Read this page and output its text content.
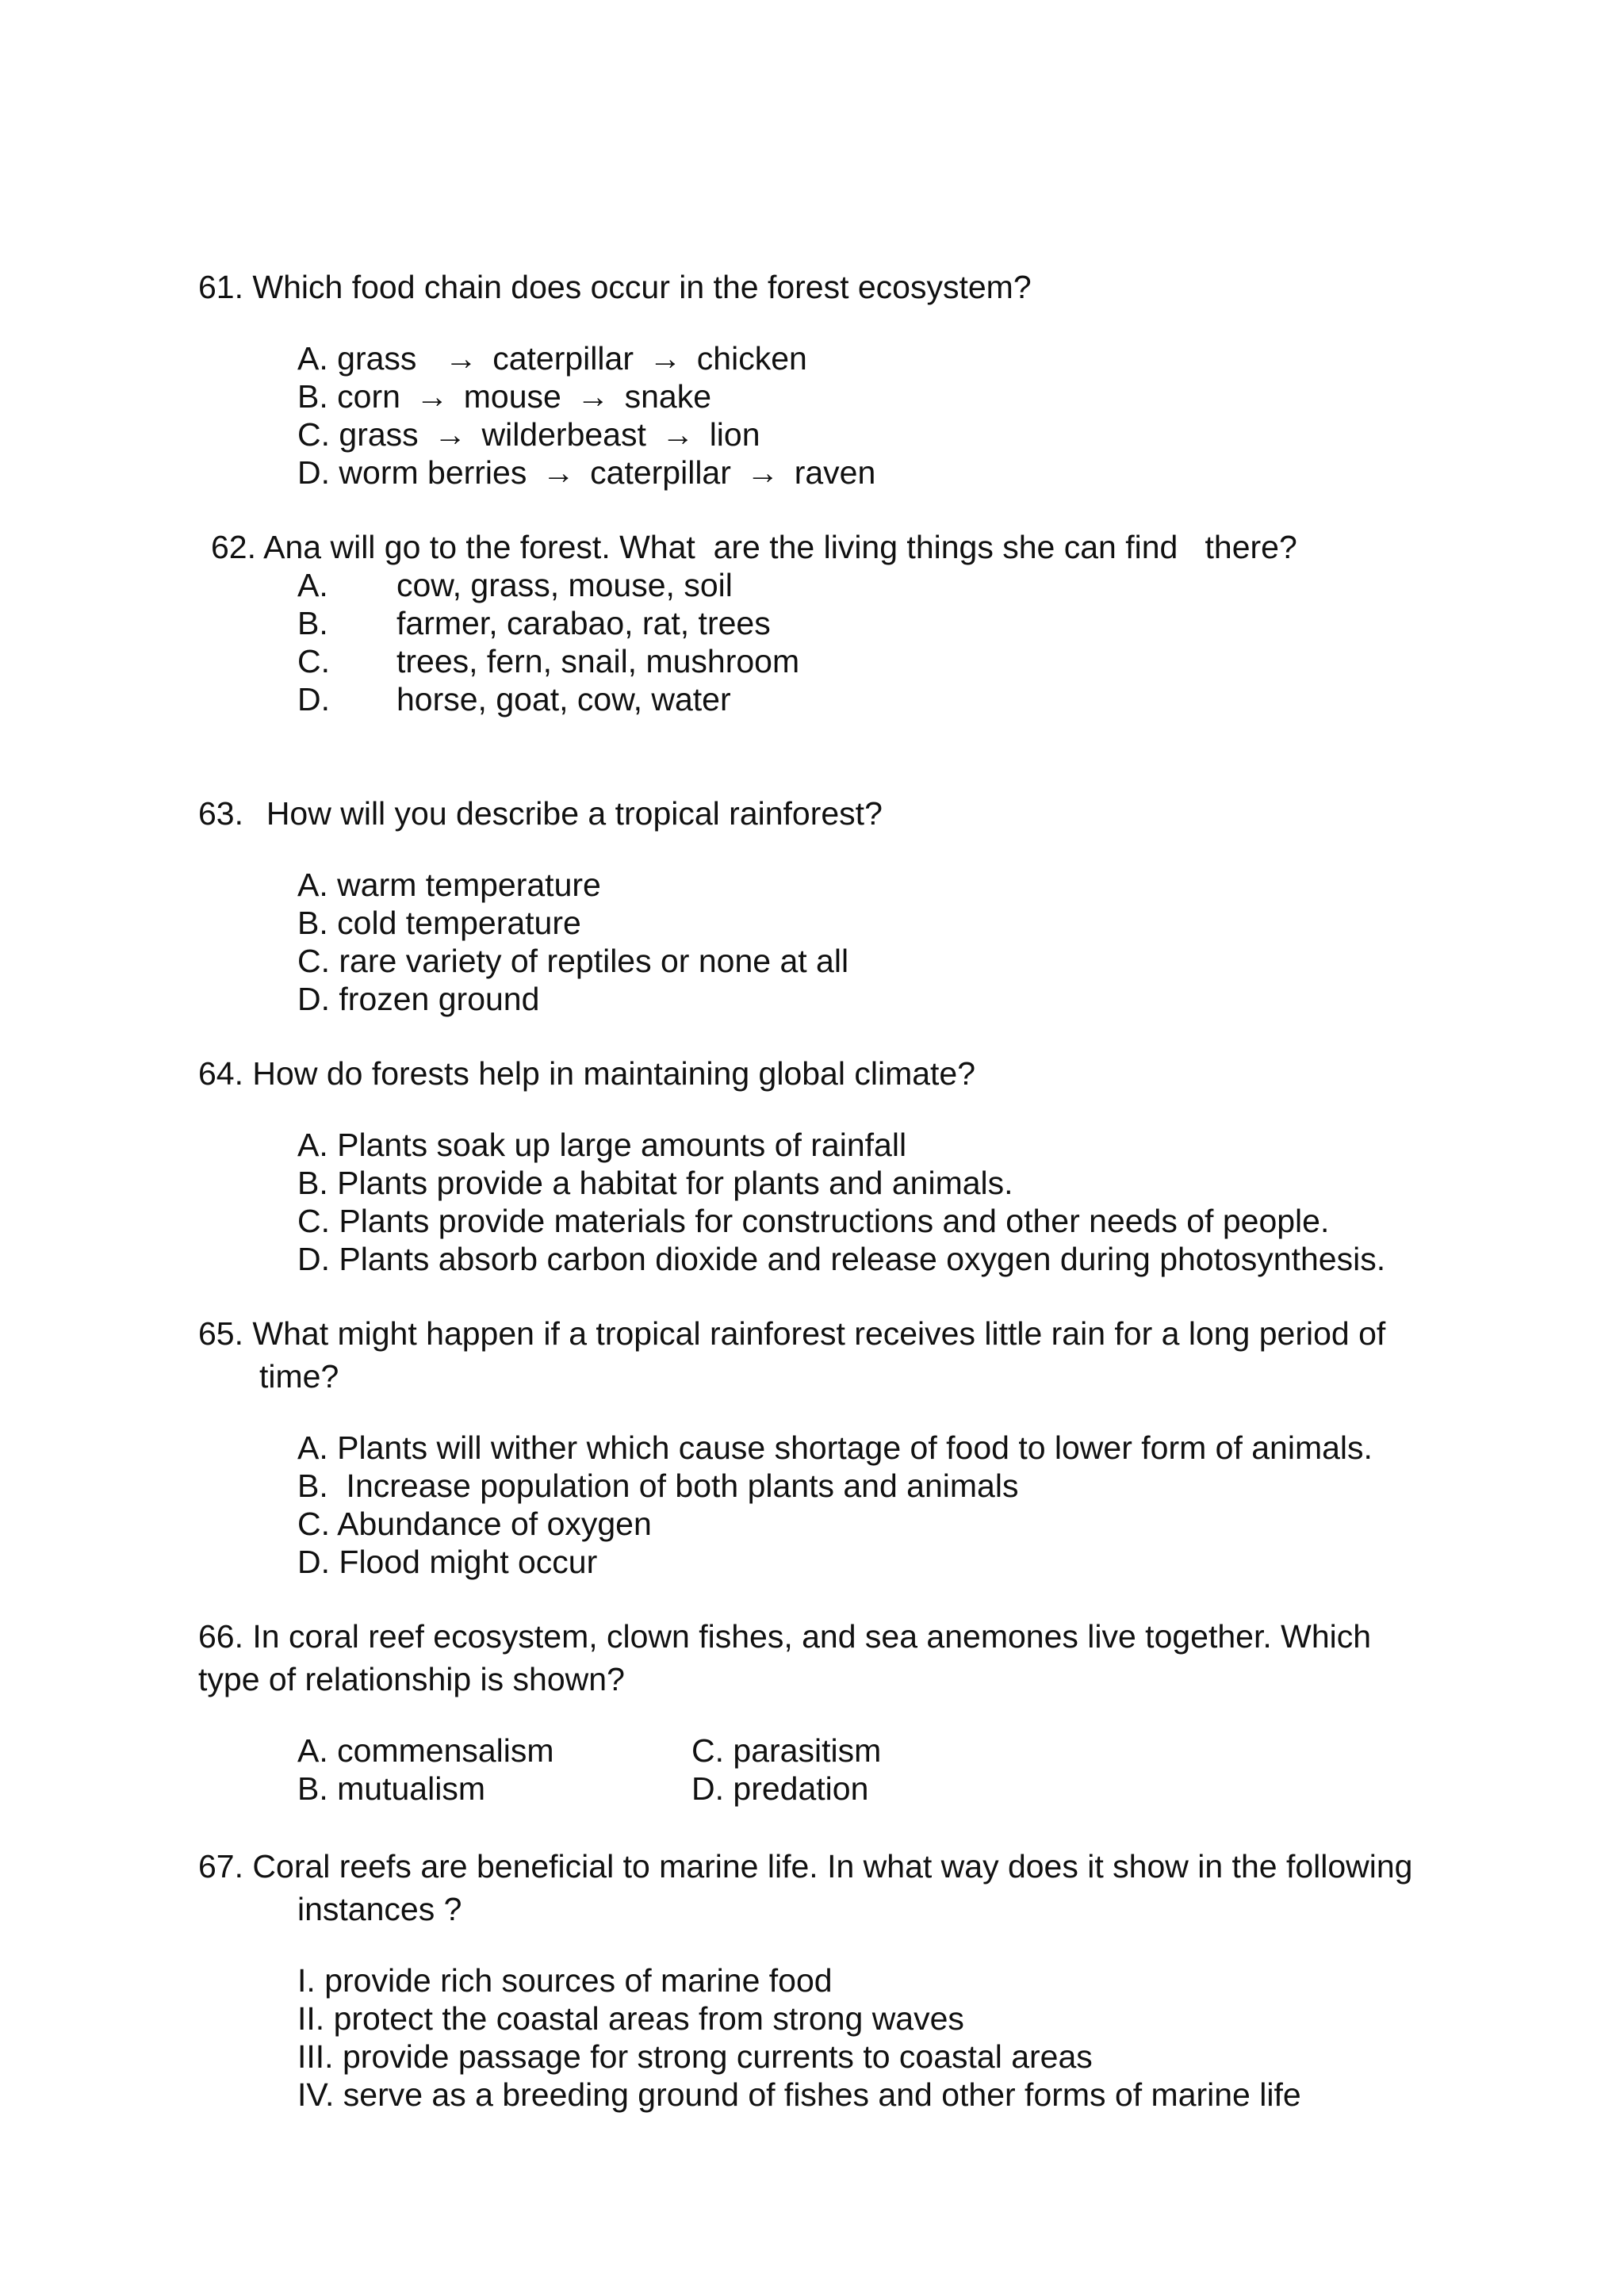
61. Which food chain does occur in the forest ecosystem?
A. grass → caterpillar → chicken
B. corn → mouse → snake
C. grass → wilderbeast → lion
D. worm berries → caterpillar → raven
62. Ana will go to the forest. What  are the living things she can find   there?
A. cow, grass, mouse, soil
B. farmer, carabao, rat, trees
C. trees, fern, snail, mushroom
D. horse, goat, cow, water
63. How will you describe a tropical rainforest?
A. warm temperature
B. cold temperature
C. rare variety of reptiles or none at all
D. frozen ground
64. How do forests help in maintaining global climate?
A. Plants soak up large amounts of rainfall
B. Plants provide a habitat for plants and animals.
C. Plants provide materials for constructions and other needs of people.
D. Plants absorb carbon dioxide and release oxygen during photosynthesis.
65. What might happen if a tropical rainforest receives little rain for a long period of
time?
A. Plants will wither which cause shortage of food to lower form of animals.
B.  Increase population of both plants and animals
C. Abundance of oxygen
D. Flood might occur
66. In coral reef ecosystem, clown fishes, and sea anemones live together. Which
type of relationship is shown?
A. commensalism	C. parasitism
B. mutualism	D. predation
67. Coral reefs are beneficial to marine life. In what way does it show in the following
instances ?
I. provide rich sources of marine food
II. protect the coastal areas from strong waves
III. provide passage for strong currents to coastal areas
IV. serve as a breeding ground of fishes and other forms of marine life
